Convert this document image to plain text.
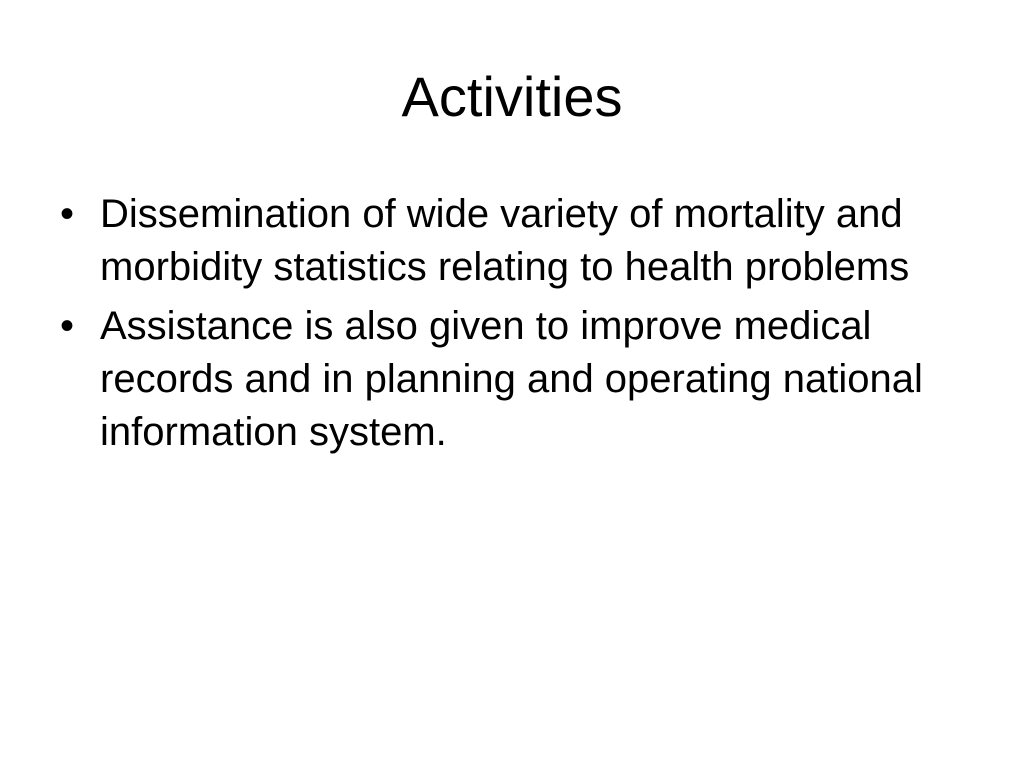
Activities
• Dissemination of wide variety of mortality and morbidity statistics relating to health problems
• Assistance is also given to improve medical records and in planning and operating national information system.
